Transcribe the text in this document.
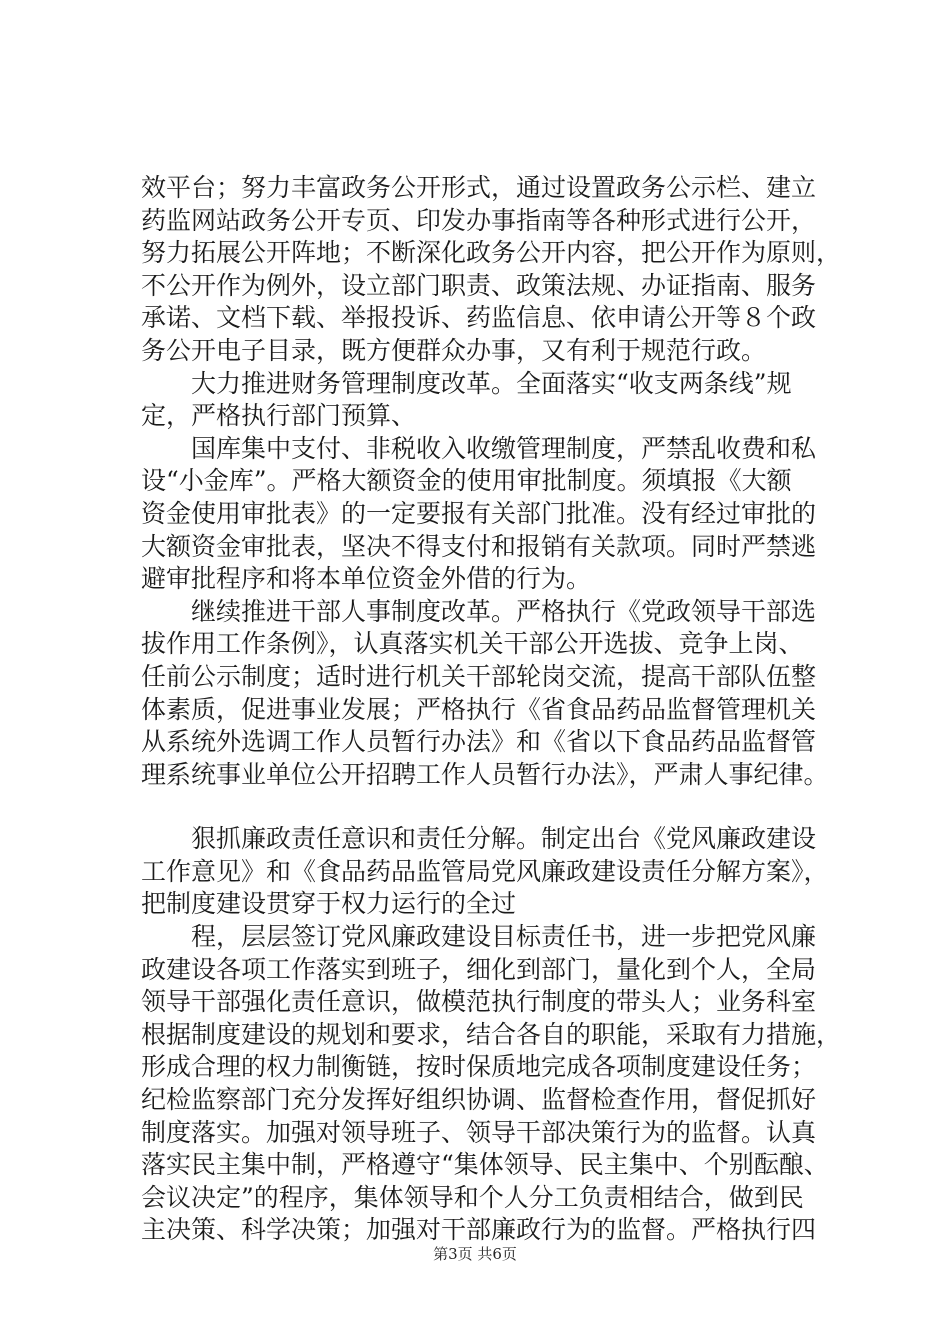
效平台；努力丰富政务公开形式，通过设置政务公示栏、建立

药监网站政务公开专页、印发办事指南等各种形式进行公开，

努力拓展公开阵地；不断深化政务公开内容，把公开作为原则，

不公开作为例外，设立部门职责、政策法规、办证指南、服务

承诺、文档下载、举报投诉、药监信息、依申请公开等８个政

务公开电子目录，既方便群众办事，又有利于规范行政。

　　大力推进财务管理制度改革。全面落实“收支两条线”规

定，严格执行部门预算、

　　国库集中支付、非税收入收缴管理制度，严禁乱收费和私

设“小金库”。严格大额资金的使用审批制度。须填报《大额

资金使用审批表》的一定要报有关部门批准。没有经过审批的

大额资金审批表，坚决不得支付和报销有关款项。同时严禁逃

避审批程序和将本单位资金外借的行为。

　　继续推进干部人事制度改革。严格执行《党政领导干部选

拔作用工作条例》，认真落实机关干部公开选拔、竞争上岗、

任前公示制度；适时进行机关干部轮岗交流，提高干部队伍整

体素质，促进事业发展；严格执行《省食品药品监督管理机关

从系统外选调工作人员暂行办法》和《省以下食品药品监督管

理系统事业单位公开招聘工作人员暂行办法》，严肃人事纪律。

　　狠抓廉政责任意识和责任分解。制定出台《党风廉政建设

工作意见》和《食品药品监管局党风廉政建设责任分解方案》，

把制度建设贯穿于权力运行的全过

　　程，层层签订党风廉政建设目标责任书，进一步把党风廉

政建设各项工作落实到班子，细化到部门，量化到个人，全局

领导干部强化责任意识，做模范执行制度的带头人；业务科室

根据制度建设的规划和要求，结合各自的职能，采取有力措施，

形成合理的权力制衡链，按时保质地完成各项制度建设任务；

纪检监察部门充分发挥好组织协调、监督检查作用，督促抓好

制度落实。加强对领导班子、领导干部决策行为的监督。认真

落实民主集中制，严格遵守“集体领导、民主集中、个别酝酿、

会议决定”的程序，集体领导和个人分工负责相结合，做到民

主决策、科学决策；加强对干部廉政行为的监督。严格执行四

第3页 共6页
